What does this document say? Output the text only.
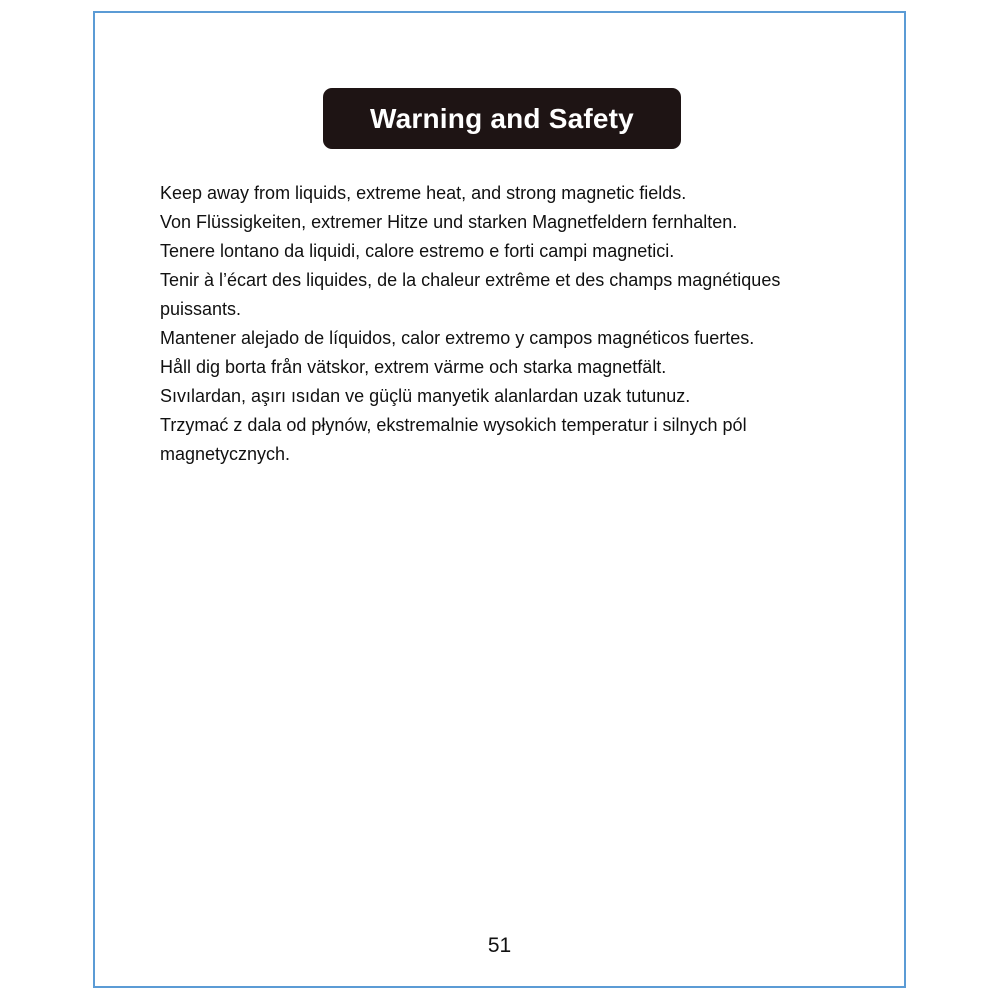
Warning and Safety
Keep away from liquids, extreme heat, and strong magnetic fields.
Von Flüssigkeiten, extremer Hitze und starken Magnetfeldern fernhalten.
Tenere lontano da liquidi, calore estremo e forti campi magnetici.
Tenir à l’écart des liquides, de la chaleur extrême et des champs magnétiques puissants.
Mantener alejado de líquidos, calor extremo y campos magnéticos fuertes.
Håll dig borta från vätskor, extrem värme och starka magnetfält.
Sıvılardan, aşırı ısıdan ve güçlü manyetik alanlardan uzak tutunuz.
Trzymać z dala od płynów, ekstremalnie wysokich temperatur i silnych pól magnetycznych.
51
